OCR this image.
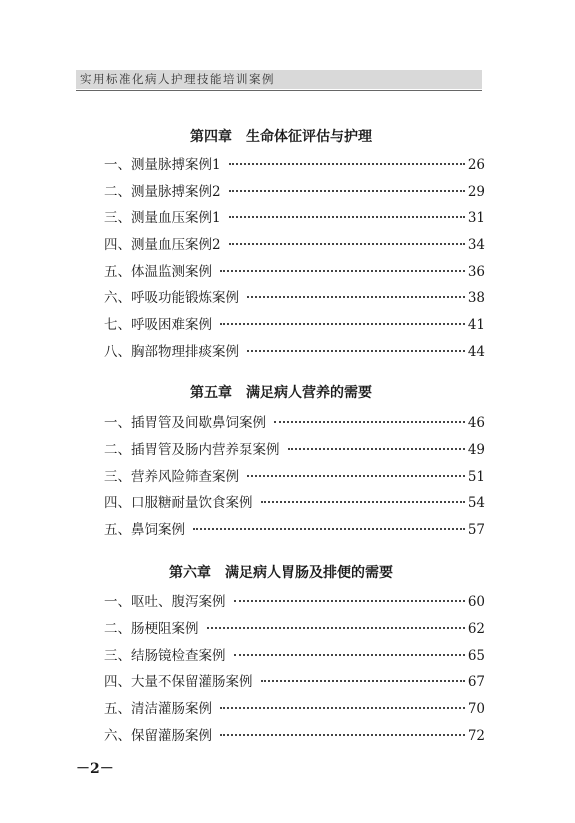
实用标准化病人护理技能培训案例
第四章　生命体征评估与护理
一、测量脉搏案例1	26
二、测量脉搏案例2	29
三、测量血压案例1	31
四、测量血压案例2	34
五、体温监测案例	36
六、呼吸功能锻炼案例	38
七、呼吸困难案例	41
八、胸部物理排痰案例	44
第五章　满足病人营养的需要
一、插胃管及间歇鼻饲案例	46
二、插胃管及肠内营养泵案例	49
三、营养风险筛查案例	51
四、口服糖耐量饮食案例	54
五、鼻饲案例	57
第六章　满足病人胃肠及排便的需要
一、呕吐、腹泻案例	60
二、肠梗阻案例	62
三、结肠镜检查案例	65
四、大量不保留灌肠案例	67
五、清洁灌肠案例	70
六、保留灌肠案例	72
－2－
